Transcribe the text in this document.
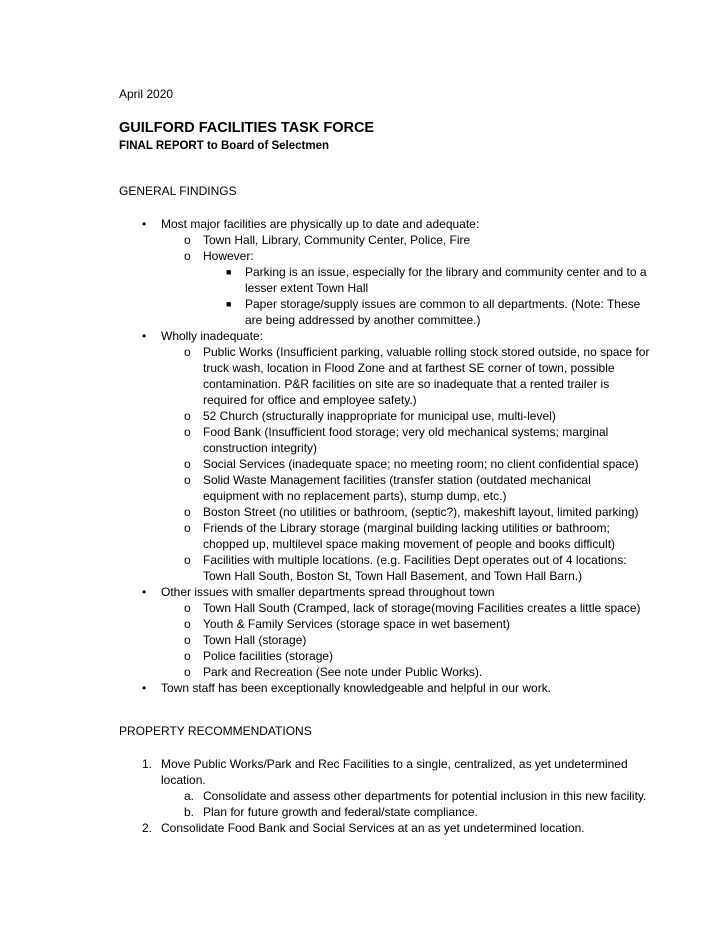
April 2020
GUILFORD FACILITIES TASK FORCE
FINAL REPORT to Board of Selectmen
GENERAL FINDINGS
• Most major facilities are physically up to date and adequate:
o Town Hall, Library, Community Center, Police, Fire
o However:
■ Parking is an issue, especially for the library and community center and to a
lesser extent Town Hall
■ Paper storage/supply issues are common to all departments. (Note: These
are being addressed by another committee.)
• Wholly inadequate:
o Public Works (Insufficient parking, valuable rolling stock stored outside, no space for
truck wash, location in Flood Zone and at farthest SE corner of town, possible
contamination. P&R facilities on site are so inadequate that a rented trailer is
required for office and employee safety.)
o 52 Church (structurally inappropriate for municipal use, multi-level)
o Food Bank (Insufficient food storage; very old mechanical systems; marginal
construction integrity)
o Social Services (inadequate space; no meeting room; no client confidential space)
o Solid Waste Management facilities (transfer station (outdated mechanical
equipment with no replacement parts), stump dump, etc.)
o Boston Street (no utilities or bathroom, (septic?), makeshift layout, limited parking)
o Friends of the Library storage (marginal building lacking utilities or bathroom;
chopped up, multilevel space making movement of people and books difficult)
o Facilities with multiple locations. (e.g. Facilities Dept operates out of 4 locations:
Town Hall South, Boston St, Town Hall Basement, and Town Hall Barn.)
• Other issues with smaller departments spread throughout town
o Town Hall South (Cramped, lack of storage(moving Facilities creates a little space)
o Youth & Family Services (storage space in wet basement)
o Town Hall (storage)
o Police facilities (storage)
o Park and Recreation (See note under Public Works).
• Town staff has been exceptionally knowledgeable and helpful in our work.
PROPERTY RECOMMENDATIONS
1. Move Public Works/Park and Rec Facilities to a single, centralized, as yet undetermined
location.
a. Consolidate and assess other departments for potential inclusion in this new facility.
b. Plan for future growth and federal/state compliance.
2. Consolidate Food Bank and Social Services at an as yet undetermined location.
